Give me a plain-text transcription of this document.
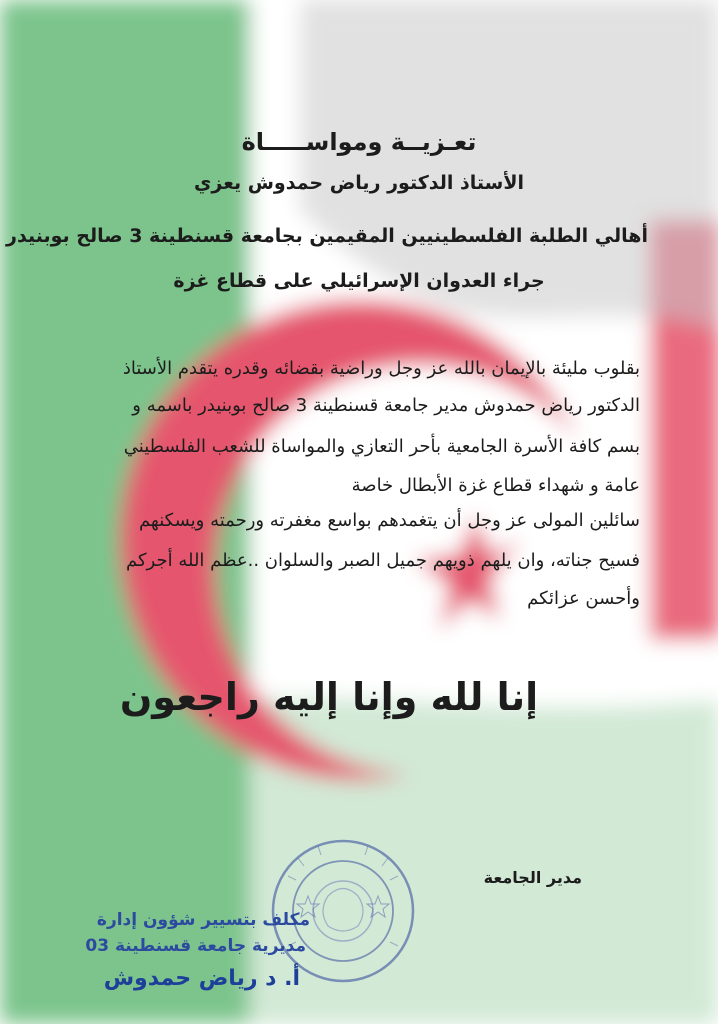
تعـزيــة ومواســـــاة
الأستاذ الدكتور رياض حمدوش يعزي
أهالي الطلبة الفلسطينيين المقيمين بجامعة قسنطينة 3 صالح بوبنيدر
جراء العدوان الإسرائيلي على قطاع غزة
بقلوب مليئة بالإيمان بالله عز وجل وراضية بقضائه وقدره يتقدم الأستاذ
الدكتور رياض حمدوش مدير جامعة قسنطينة 3 صالح بوبنيدر باسمه و
بسم كافة الأسرة الجامعية بأحر التعازي والمواساة للشعب الفلسطيني
عامة و شهداء قطاع غزة الأبطال خاصة
سائلين المولى عز وجل أن يتغمدهم بواسع مغفرته ورحمته ويسكنهم
فسيح جناته، وان يلهم ذويهم جميل الصبر والسلوان ..عظم الله أجركم
وأحسن عزائكم
إنا لله وإنا إليه راجعون
مدير الجامعة
مكلف بتسيير شؤون إدارة
مديرية جامعة قسنطينة 03
أ. د رياض حمدوش
